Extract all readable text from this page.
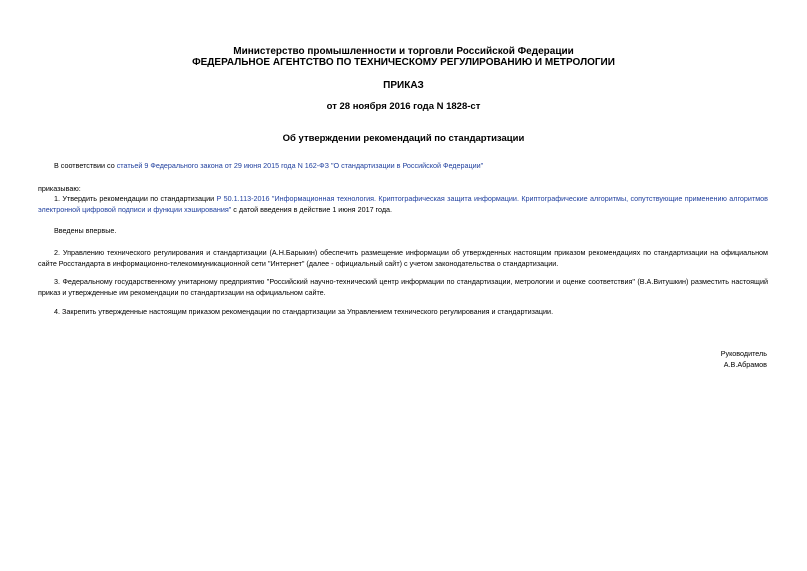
Министерство промышленности и торговли Российской Федерации
ФЕДЕРАЛЬНОЕ АГЕНТСТВО ПО ТЕХНИЧЕСКОМУ РЕГУЛИРОВАНИЮ И МЕТРОЛОГИИ
ПРИКАЗ
от 28 ноября 2016 года N 1828-ст
Об утверждении рекомендаций по стандартизации
В соответствии со статьей 9 Федерального закона от 29 июня 2015 года N 162-ФЗ "О стандартизации в Российской Федерации"
приказываю:
1. Утвердить рекомендации по стандартизации Р 50.1.113-2016 "Информационная технология. Криптографическая защита информации. Криптографические алгоритмы, сопутствующие применению алгоритмов электронной цифровой подписи и функции хэширования" с датой введения в действие 1 июня 2017 года.
Введены впервые.
2. Управлению технического регулирования и стандартизации (А.Н.Барыкин) обеспечить размещение информации об утвержденных настоящим приказом рекомендациях по стандартизации на официальном сайте Росстандарта в информационно-телекоммуникационной сети "Интернет" (далее - официальный сайт) с учетом законодательства о стандартизации.
3. Федеральному государственному унитарному предприятию "Российский научно-технический центр информации по стандартизации, метрологии и оценке соответствия" (В.А.Витушкин) разместить настоящий приказ и утвержденные им рекомендации по стандартизации на официальном сайте.
4. Закрепить утвержденные настоящим приказом рекомендации по стандартизации за Управлением технического регулирования и стандартизации.
Руководитель
А.В.Абрамов
